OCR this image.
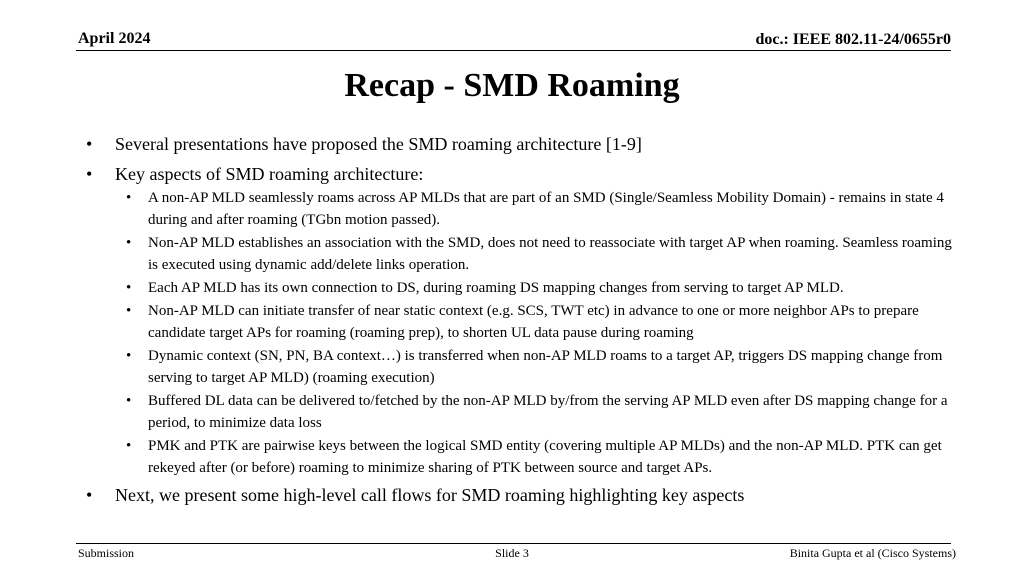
April 2024	doc.: IEEE 802.11-24/0655r0
Recap - SMD Roaming
• Several presentations have proposed the SMD roaming architecture [1-9]
• Key aspects of SMD roaming architecture:
• A non-AP MLD seamlessly roams across AP MLDs that are part of an SMD (Single/Seamless Mobility Domain) - remains in state 4 during and after roaming (TGbn motion passed).
• Non-AP MLD establishes an association with the SMD, does not need to reassociate with target AP when roaming. Seamless roaming is executed using dynamic add/delete links operation.
• Each AP MLD has its own connection to DS, during roaming DS mapping changes from serving to target AP MLD.
• Non-AP MLD can initiate transfer of near static context (e.g. SCS, TWT etc) in advance to one or more neighbor APs to prepare candidate target APs for roaming (roaming prep), to shorten UL data pause during roaming
• Dynamic context (SN, PN, BA context…) is transferred when non-AP MLD roams to a target AP, triggers DS mapping change from serving to target AP MLD) (roaming execution)
• Buffered DL data can be delivered to/fetched by the non-AP MLD by/from the serving AP MLD even after DS mapping change for a period, to minimize data loss
• PMK and PTK are pairwise keys between the logical SMD entity (covering multiple AP MLDs) and the non-AP MLD. PTK can get rekeyed after (or before) roaming to minimize sharing of PTK between source and target APs.
• Next, we present some high-level call flows for SMD roaming highlighting key aspects
Submission	Slide 3	Binita Gupta et al (Cisco Systems)
